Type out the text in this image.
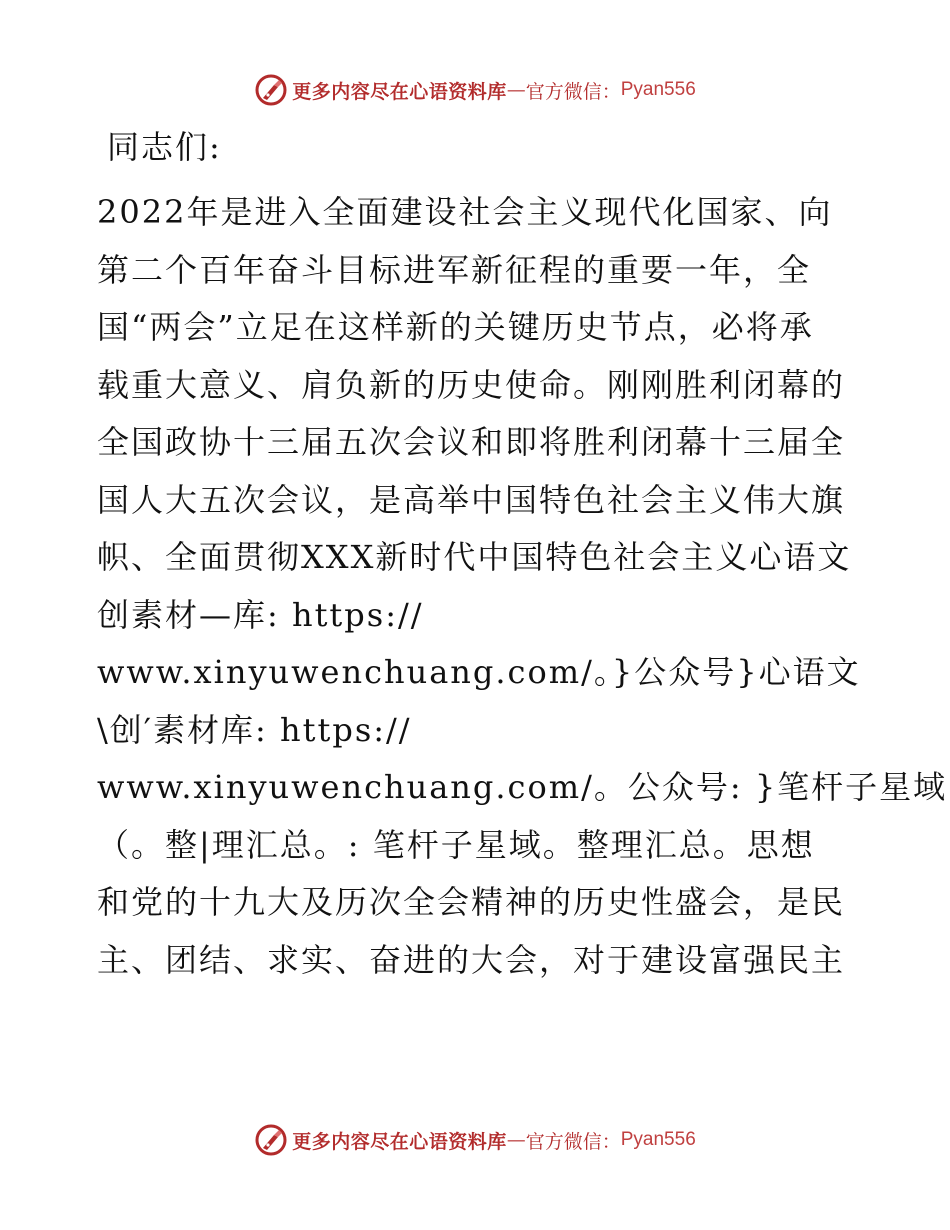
更多内容尽在心语资料库 — 官方微信： Pyan556
同志们:
2022年是进入全面建设社会主义现代化国家、向
第二个百年奋斗目标进军新征程的重要一年，全
国“两会”立足在这样新的关键历史节点，必将承
载重大意义、肩负新的历史使命。刚刚胜利闭幕的
全国政协十三届五次会议和即将胜利闭幕十三届全
国人大五次会议，是高举中国特色社会主义伟大旗
帜、全面贯彻XXX新时代中国特色社会主义心语文
创素材—库: https://
www.xinyuwenchuang.com/。}公众号}心语文
\创′素材库: https://
www.xinyuwenchuang.com/。公众号: }笔杆子星域
（。整|理汇总。: 笔杆子星域。整理汇总。思想
和党的十九大及历次全会精神的历史性盛会，是民
主、团结、求实、奋进的大会，对于建设富强民主
更多内容尽在心语资料库 — 官方微信： Pyan556
